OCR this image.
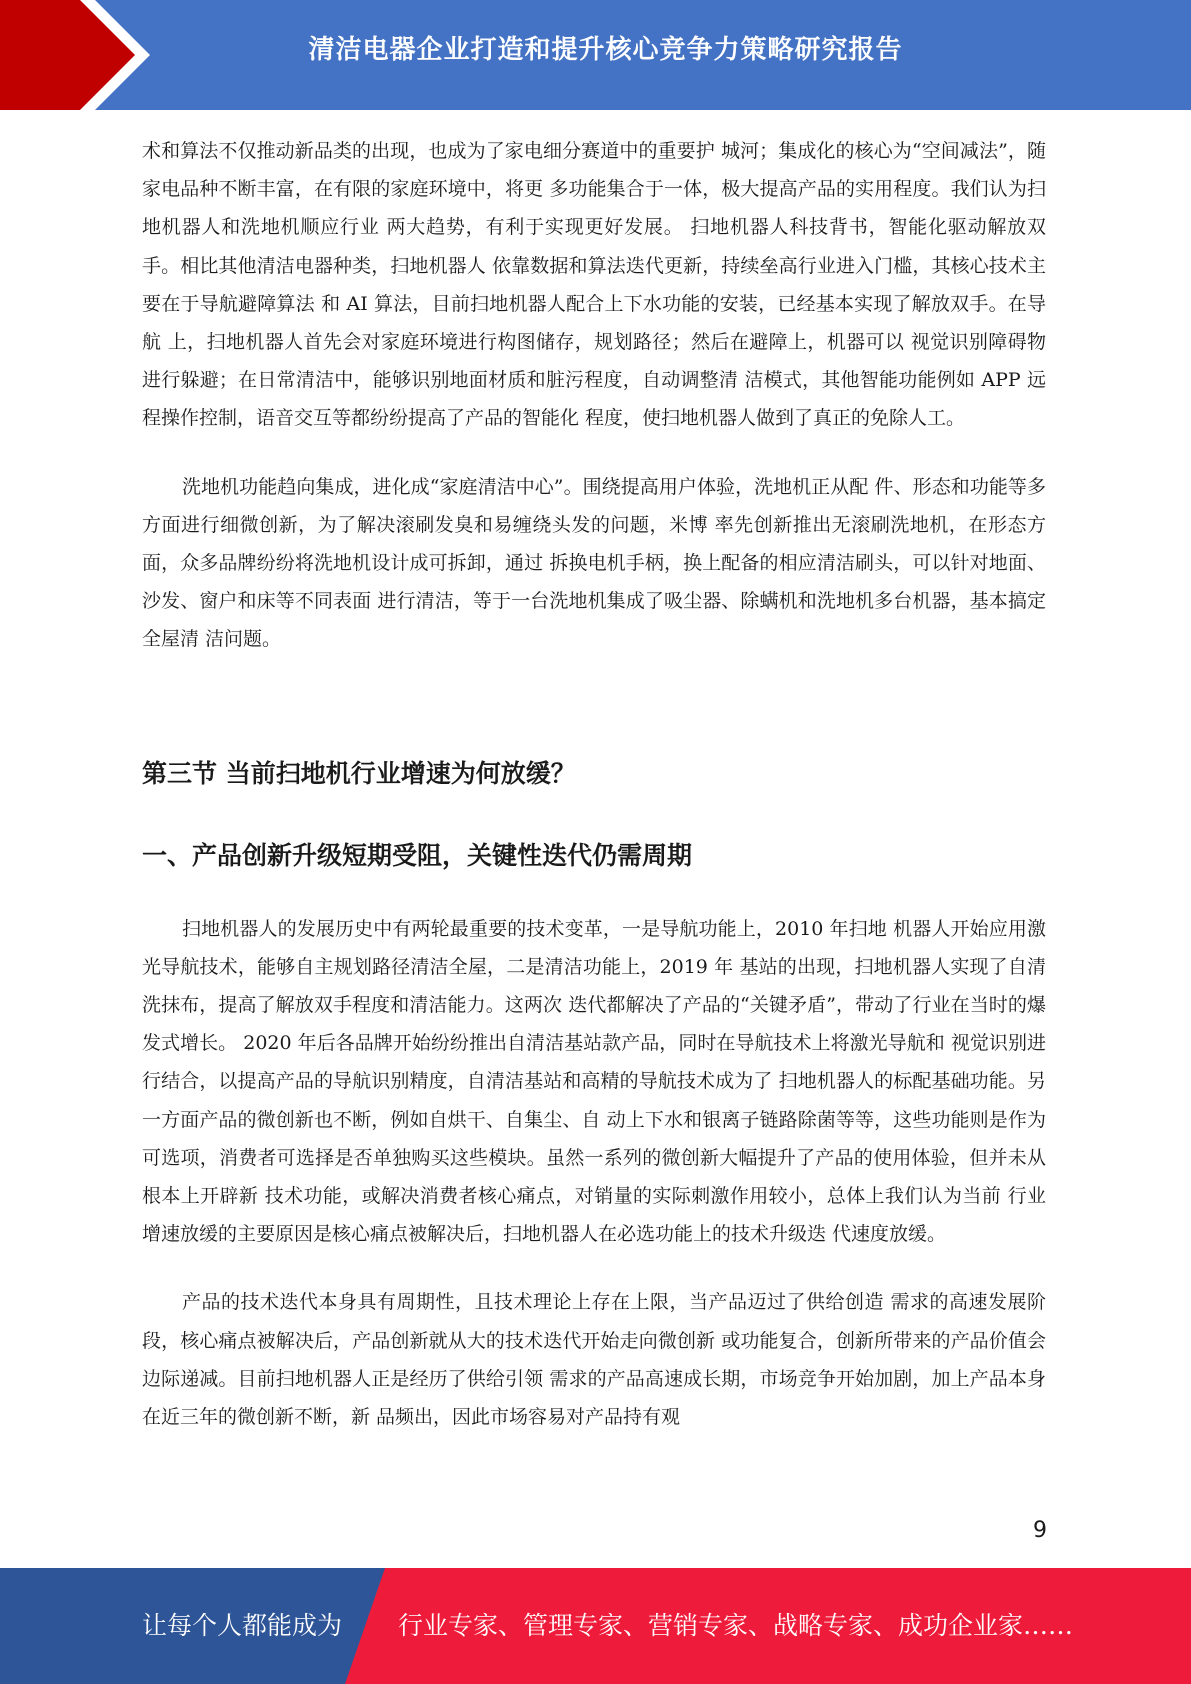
清洁电器企业打造和提升核心竞争力策略研究报告

术和算法不仅推动新品类的出现，也成为了家电细分赛道中的重要护 城河；集成化的核心为“空间减法”，随家电品种不断丰富，在有限的家庭环境中，将更 多功能集合于一体，极大提高产品的实用程度。我们认为扫地机器人和洗地机顺应行业 两大趋势，有利于实现更好发展。 扫地机器人科技背书，智能化驱动解放双手。相比其他清洁电器种类，扫地机器人 依靠数据和算法迭代更新，持续垒高行业进入门槛，其核心技术主要在于导航避障算法 和 AI 算法，目前扫地机器人配合上下水功能的安装，已经基本实现了解放双手。在导航 上，扫地机器人首先会对家庭环境进行构图储存，规划路径；然后在避障上，机器可以 视觉识别障碍物进行躲避；在日常清洁中，能够识别地面材质和脏污程度，自动调整清 洁模式，其他智能功能例如 APP 远程操作控制，语音交互等都纷纷提高了产品的智能化 程度，使扫地机器人做到了真正的免除人工。

洗地机功能趋向集成，进化成“家庭清洁中心”。围绕提高用户体验，洗地机正从配 件、形态和功能等多方面进行细微创新，为了解决滚刷发臭和易缠绕头发的问题，米博 率先创新推出无滚刷洗地机，在形态方面，众多品牌纷纷将洗地机设计成可拆卸，通过 拆换电机手柄，换上配备的相应清洁刷头，可以针对地面、沙发、窗户和床等不同表面 进行清洁，等于一台洗地机集成了吸尘器、除螨机和洗地机多台机器，基本搞定全屋清 洁问题。

第三节 当前扫地机行业增速为何放缓？
一、产品创新升级短期受阻，关键性迭代仍需周期

扫地机器人的发展历史中有两轮最重要的技术变革，一是导航功能上，2010 年扫地 机器人开始应用激光导航技术，能够自主规划路径清洁全屋，二是清洁功能上，2019 年 基站的出现，扫地机器人实现了自清洗抹布，提高了解放双手程度和清洁能力。这两次 迭代都解决了产品的“关键矛盾”，带动了行业在当时的爆发式增长。 2020 年后各品牌开始纷纷推出自清洁基站款产品，同时在导航技术上将激光导航和 视觉识别进行结合，以提高产品的导航识别精度，自清洁基站和高精的导航技术成为了 扫地机器人的标配基础功能。另一方面产品的微创新也不断，例如自烘干、自集尘、自 动上下水和银离子链路除菌等等，这些功能则是作为可选项，消费者可选择是否单独购买这些模块。虽然一系列的微创新大幅提升了产品的使用体验，但并未从根本上开辟新 技术功能，或解决消费者核心痛点，对销量的实际刺激作用较小，总体上我们认为当前 行业增速放缓的主要原因是核心痛点被解决后，扫地机器人在必选功能上的技术升级迭 代速度放缓。

产品的技术迭代本身具有周期性，且技术理论上存在上限，当产品迈过了供给创造 需求的高速发展阶段，核心痛点被解决后，产品创新就从大的技术迭代开始走向微创新 或功能复合，创新所带来的产品价值会边际递减。目前扫地机器人正是经历了供给引领 需求的产品高速成长期，市场竞争开始加剧，加上产品本身在近三年的微创新不断，新 品频出，因此市场容易对产品持有观

9
让每个人都能成为 行业专家、管理专家、营销专家、战略专家、成功企业家……
